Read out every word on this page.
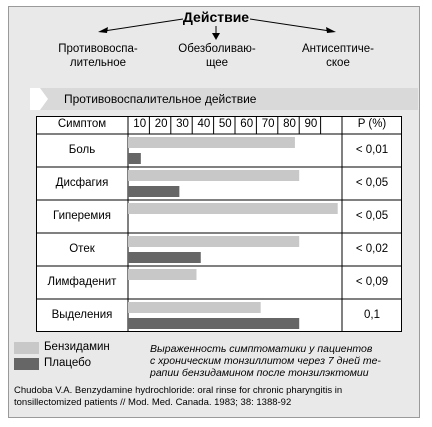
Действие
Противовоспа-
лительное
Обезболиваю-
щее
Антисептиче-
ское
Противовоспалительное действие
10 20 30 40 50 60 70 80 90
Симптом	P (%)
Боль	< 0,01
Дисфагия	< 0,05
Гиперемия	< 0,05
Отек	< 0,02
Лимфаденит	< 0,09
Выделения	0,1
Бензидамин
Плацебо
Выраженность симптоматики у пациентов
с хроническим тонзиллитом через 7 дней те-
рапии бензидамином после тонзилэктомии
Chudoba V.A. Benzydamine hydrochloride: oral rinse for chronic pharyngitis in
tonsillectomized patients // Mod. Med. Canada. 1983; 38: 1388-92
